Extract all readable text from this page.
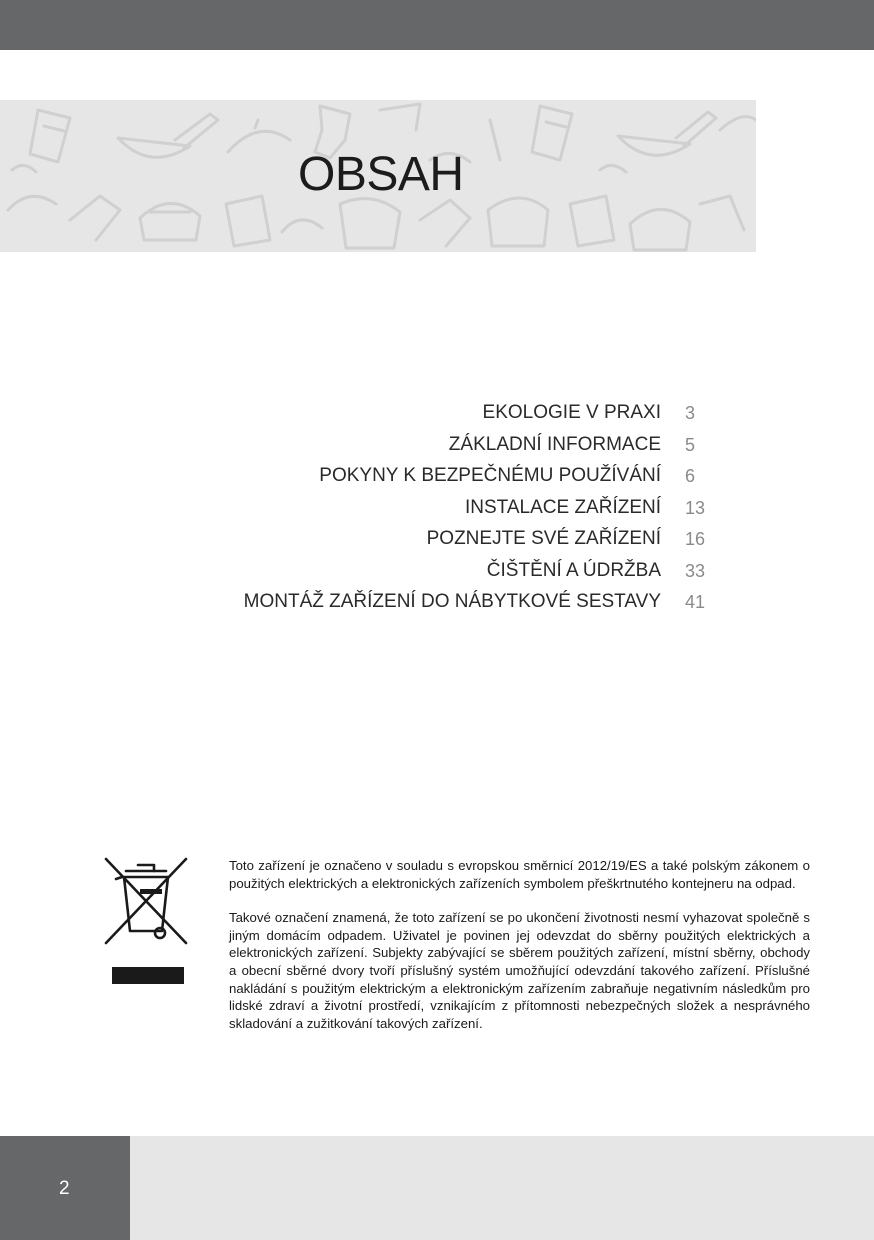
OBSAH
EKOLOGIE V PRAXI 3
ZÁKLADNÍ INFORMACE 5
POKYNY K BEZPEČNÉMU POUŽÍVÁNÍ 6
INSTALACE ZAŘÍZENÍ 13
POZNEJTE SVÉ ZAŘÍZENÍ 16
ČIŠTĚNÍ A ÚDRŽBA 33
MONTÁŽ ZAŘÍZENÍ DO NÁBYTKOVÉ SESTAVY 41

Toto zařízení je označeno v souladu s evropskou směrnicí 2012/19/ES a také polským zákonem o použitých elektrických a elektronických zařízeních symbolem přeškrtnutého kontejneru na odpad.

Takové označení znamená, že toto zařízení se po ukončení životnosti nesmí vyhazovat společně s jiným domácím odpadem. Uživatel je povinen jej odevzdat do sběrny použitých elektrických a elektronických zařízení. Subjekty zabývající se sběrem použitých zařízení, místní sběrny, obchody a obecní sběrné dvory tvoří příslušný systém umožňující odevzdání takového zařízení. Příslušné nakládání s použitým elektrickým a elektronickým zařízením zabraňuje negativním následkům pro lidské zdraví a životní prostředí, vznikajícím z přítomnosti nebezpečných složek a nesprávného skladování a zužitkování takových zařízení.

2
